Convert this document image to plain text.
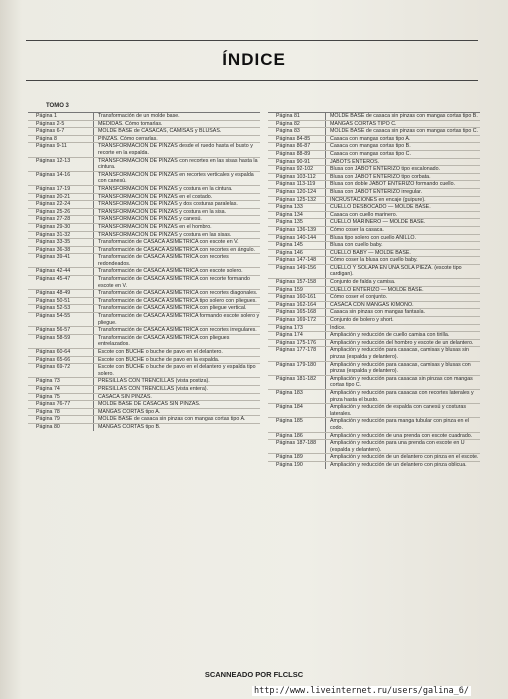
ÍNDICE
TOMO 3
Página 1	Transformación de un molde base.
Páginas 2-5	MEDIDAS. Cómo tomarlas.
Páginas 6-7	MOLDE BASE de CASACAS, CAMISAS y BLUSAS.
Página 8	PINZAS. Cómo cerrarlas.
Páginas 9-11	TRANSFORMACION DE PINZAS desde el ruedo hasta el busto y recorte en la espalda.
Páginas 12-13	TRANSFORMACION DE PINZAS con recortes en las sisas hasta la cintura.
Páginas 14-16	TRANSFORMACION DE PINZAS en recortes verticales y espalda con canesú.
Páginas 17-19	TRANSFORMACION DE PINZAS y costura en la cintura.
Páginas 20-21	TRANSFORMACION DE PINZAS en el costado.
Páginas 22-24	TRANSFORMACION DE PINZAS y dos costuras paralelas.
Páginas 25-26	TRANSFORMACION DE PINZAS y costura en la sisa.
Páginas 27-28	TRANSFORMACION DE PINZAS y canesú.
Páginas 29-30	TRANSFORMACION DE PINZAS en el hombro.
Páginas 31-32	TRANSFORMACION DE PINZAS y costura en las sisas.
Páginas 33-35	Transformación de CASACA ASIMETRICA con escote en V.
Páginas 36-38	Transformación de CASACA ASIMETRICA con recortes en ángulo.
Páginas 39-41	Transformación de CASACA ASIMETRICA con recortes redondeados.
Páginas 42-44	Transformación de CASACA ASIMETRICA con escote solero.
Páginas 45-47	Transformación de CASACA ASIMETRICA con recorte formando escote en V.
Páginas 48-49	Transformación de CASACA ASIMETRICA con recortes diagonales.
Páginas 50-51	Transformación de CASACA ASIMETRICA tipo solero con pliegues.
Páginas 52-53	Transformación de CASACA ASIMETRICA con pliegue vertical.
Páginas 54-55	Transformación de CASACA ASIMETRICA formando escote solero y pliegue.
Páginas 56-57	Transformación de CASACA ASIMETRICA con recortes irregulares.
Páginas 58-59	Transformación de CASACA ASIMETRICA con pliegues entrelazados.
Páginas 60-64	Escote con BUCHE o buche de pavo en el delantero.
Páginas 65-66	Escote con BUCHE o buche de pavo en la espalda.
Páginas 69-72	Escote con BUCHE o buche de pavo en el delantero y espalda tipo solero.
Página 73	PRESILLAS CON TRENCILLAS (vista postiza).
Página 74	PRESILLAS CON TRENCILLAS (vista entera).
Página 75	CASACA SIN PINZAS.
Páginas 76-77	MOLDE BASE DE CASACAS SIN PINZAS.
Página 78	MANGAS CORTAS tipo A.
Página 79	MOLDE BASE de casaca sin pinzas con mangas cortas tipo A.
Página 80	MANGAS CORTAS tipo B.
Página 81	MOLDE BASE de casaca sin pinzas con mangas cortas tipo B.
Página 82	MANGAS CORTAS TIPO C.
Página 83	MOLDE BASE de casaca sin pinzas con mangas cortas tipo C.
Páginas 84-85	Casaca con mangas cortas tipo A.
Páginas 86-87	Casaca con mangas cortas tipo B.
Páginas 88-89	Casaca con mangas cortas tipo C.
Páginas 90-91	JABOTS ENTEROS.
Páginas 92-102	Blusa con JABOT ENTERIZO tipo escalonado.
Páginas 103-112	Blusa con JABOT ENTERIZO tipo corbata.
Páginas 113-119	Blusa con doble JABOT ENTERIZO formando cuello.
Páginas 120-124	Blusa con JABOT ENTERIZO irregular.
Páginas 125-132	INCRUSTACIONES en encaje (guipure).
Página 133	CUELLO DESBOCADO — MOLDE BASE.
Página 134	Casaca con cuello marinero.
Página 135	CUELLO MARINERO — MOLDE BASE.
Páginas 136-139	Cómo coser la casaca.
Páginas 140-144	Blusa tipo solero con cuello ANILLO.
Página 145	Blusa con cuello baby.
Página 146	CUELLO BABY — MOLDE BASE.
Páginas 147-148	Cómo coser la blusa con cuello baby.
Páginas 149-156	CUELLO Y SOLAPA EN UNA SOLA PIEZA. (escote tipo cardigan).
Páginas 157-158	Conjunto de falda y camisa.
Página 159	CUELLO ENTERIZO — MOLDE BASE.
Páginas 160-161	Cómo coser el conjunto.
Páginas 162-164	CASACA CON MANGAS KIMONO.
Páginas 165-168	Casaca sin pinzas con mangas fantasía.
Páginas 169-172	Conjunto de bolero y short.
Página 173	Indice.
Página 174	Ampliación y reducción de cuello camisa con tirilla.
Páginas 175-176	Ampliación y reducción del hombro y escote de un delantero.
Páginas 177-178	Ampliación y reducción para casacas, camisas y blusas sin pinzas (espalda y delantero).
Páginas 179-180	Ampliación y reducción para casacas, camisas y blusas con pinzas (espalda y delantero).
Páginas 181-182	Ampliación y reducción para casacas sin pinzas con mangas cortas tipo C.
Página 183	Ampliación y reducción para casacas con recortes laterales y pinza hasta el busto.
Página 184	Ampliación y reducción de espalda con canesú y costuras laterales.
Página 185	Ampliación y reducción para manga tubular con pinza en el codo.
Página 186	Ampliación y reducción de una prenda con escote cuadrado.
Páginas 187-188	Ampliación y reducción para una prenda con escote en U (espalda y delantero).
Página 189	Ampliación y reducción de un delantero con pinza en el escote.
Página 190	Ampliación y reducción de un delantero con pinza oblicua.
SCANNEADO POR FLCLSC
http://www.liveinternet.ru/users/galina_6/
